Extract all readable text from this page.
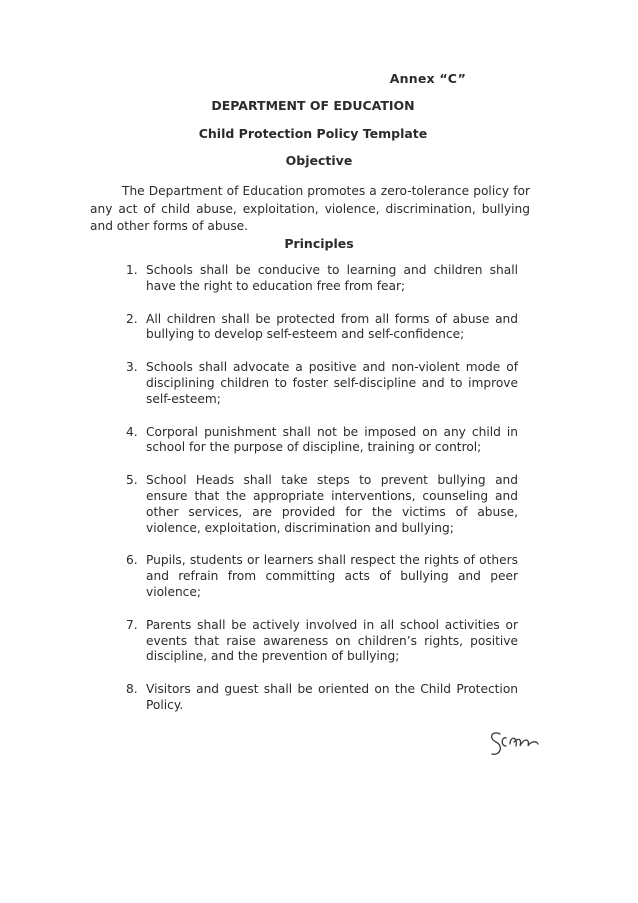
Annex “C”
DEPARTMENT OF EDUCATION
Child Protection Policy Template
Objective
The Department of Education promotes a zero-tolerance policy for any act of child abuse, exploitation, violence, discrimination, bullying and other forms of abuse.
Principles
1. Schools shall be conducive to learning and children shall have the right to education free from fear;
2. All children shall be protected from all forms of abuse and bullying to develop self-esteem and self-confidence;
3. Schools shall advocate a positive and non-violent mode of disciplining children to foster self-discipline and to improve self-esteem;
4. Corporal punishment shall not be imposed on any child in school for the purpose of discipline, training or control;
5. School Heads shall take steps to prevent bullying and ensure that the appropriate interventions, counseling and other services, are provided for the victims of abuse, violence, exploitation, discrimination and bullying;
6. Pupils, students or learners shall respect the rights of others and refrain from committing acts of bullying and peer violence;
7. Parents shall be actively involved in all school activities or events that raise awareness on children’s rights, positive discipline, and the prevention of bullying;
8. Visitors and guest shall be oriented on the Child Protection Policy.
